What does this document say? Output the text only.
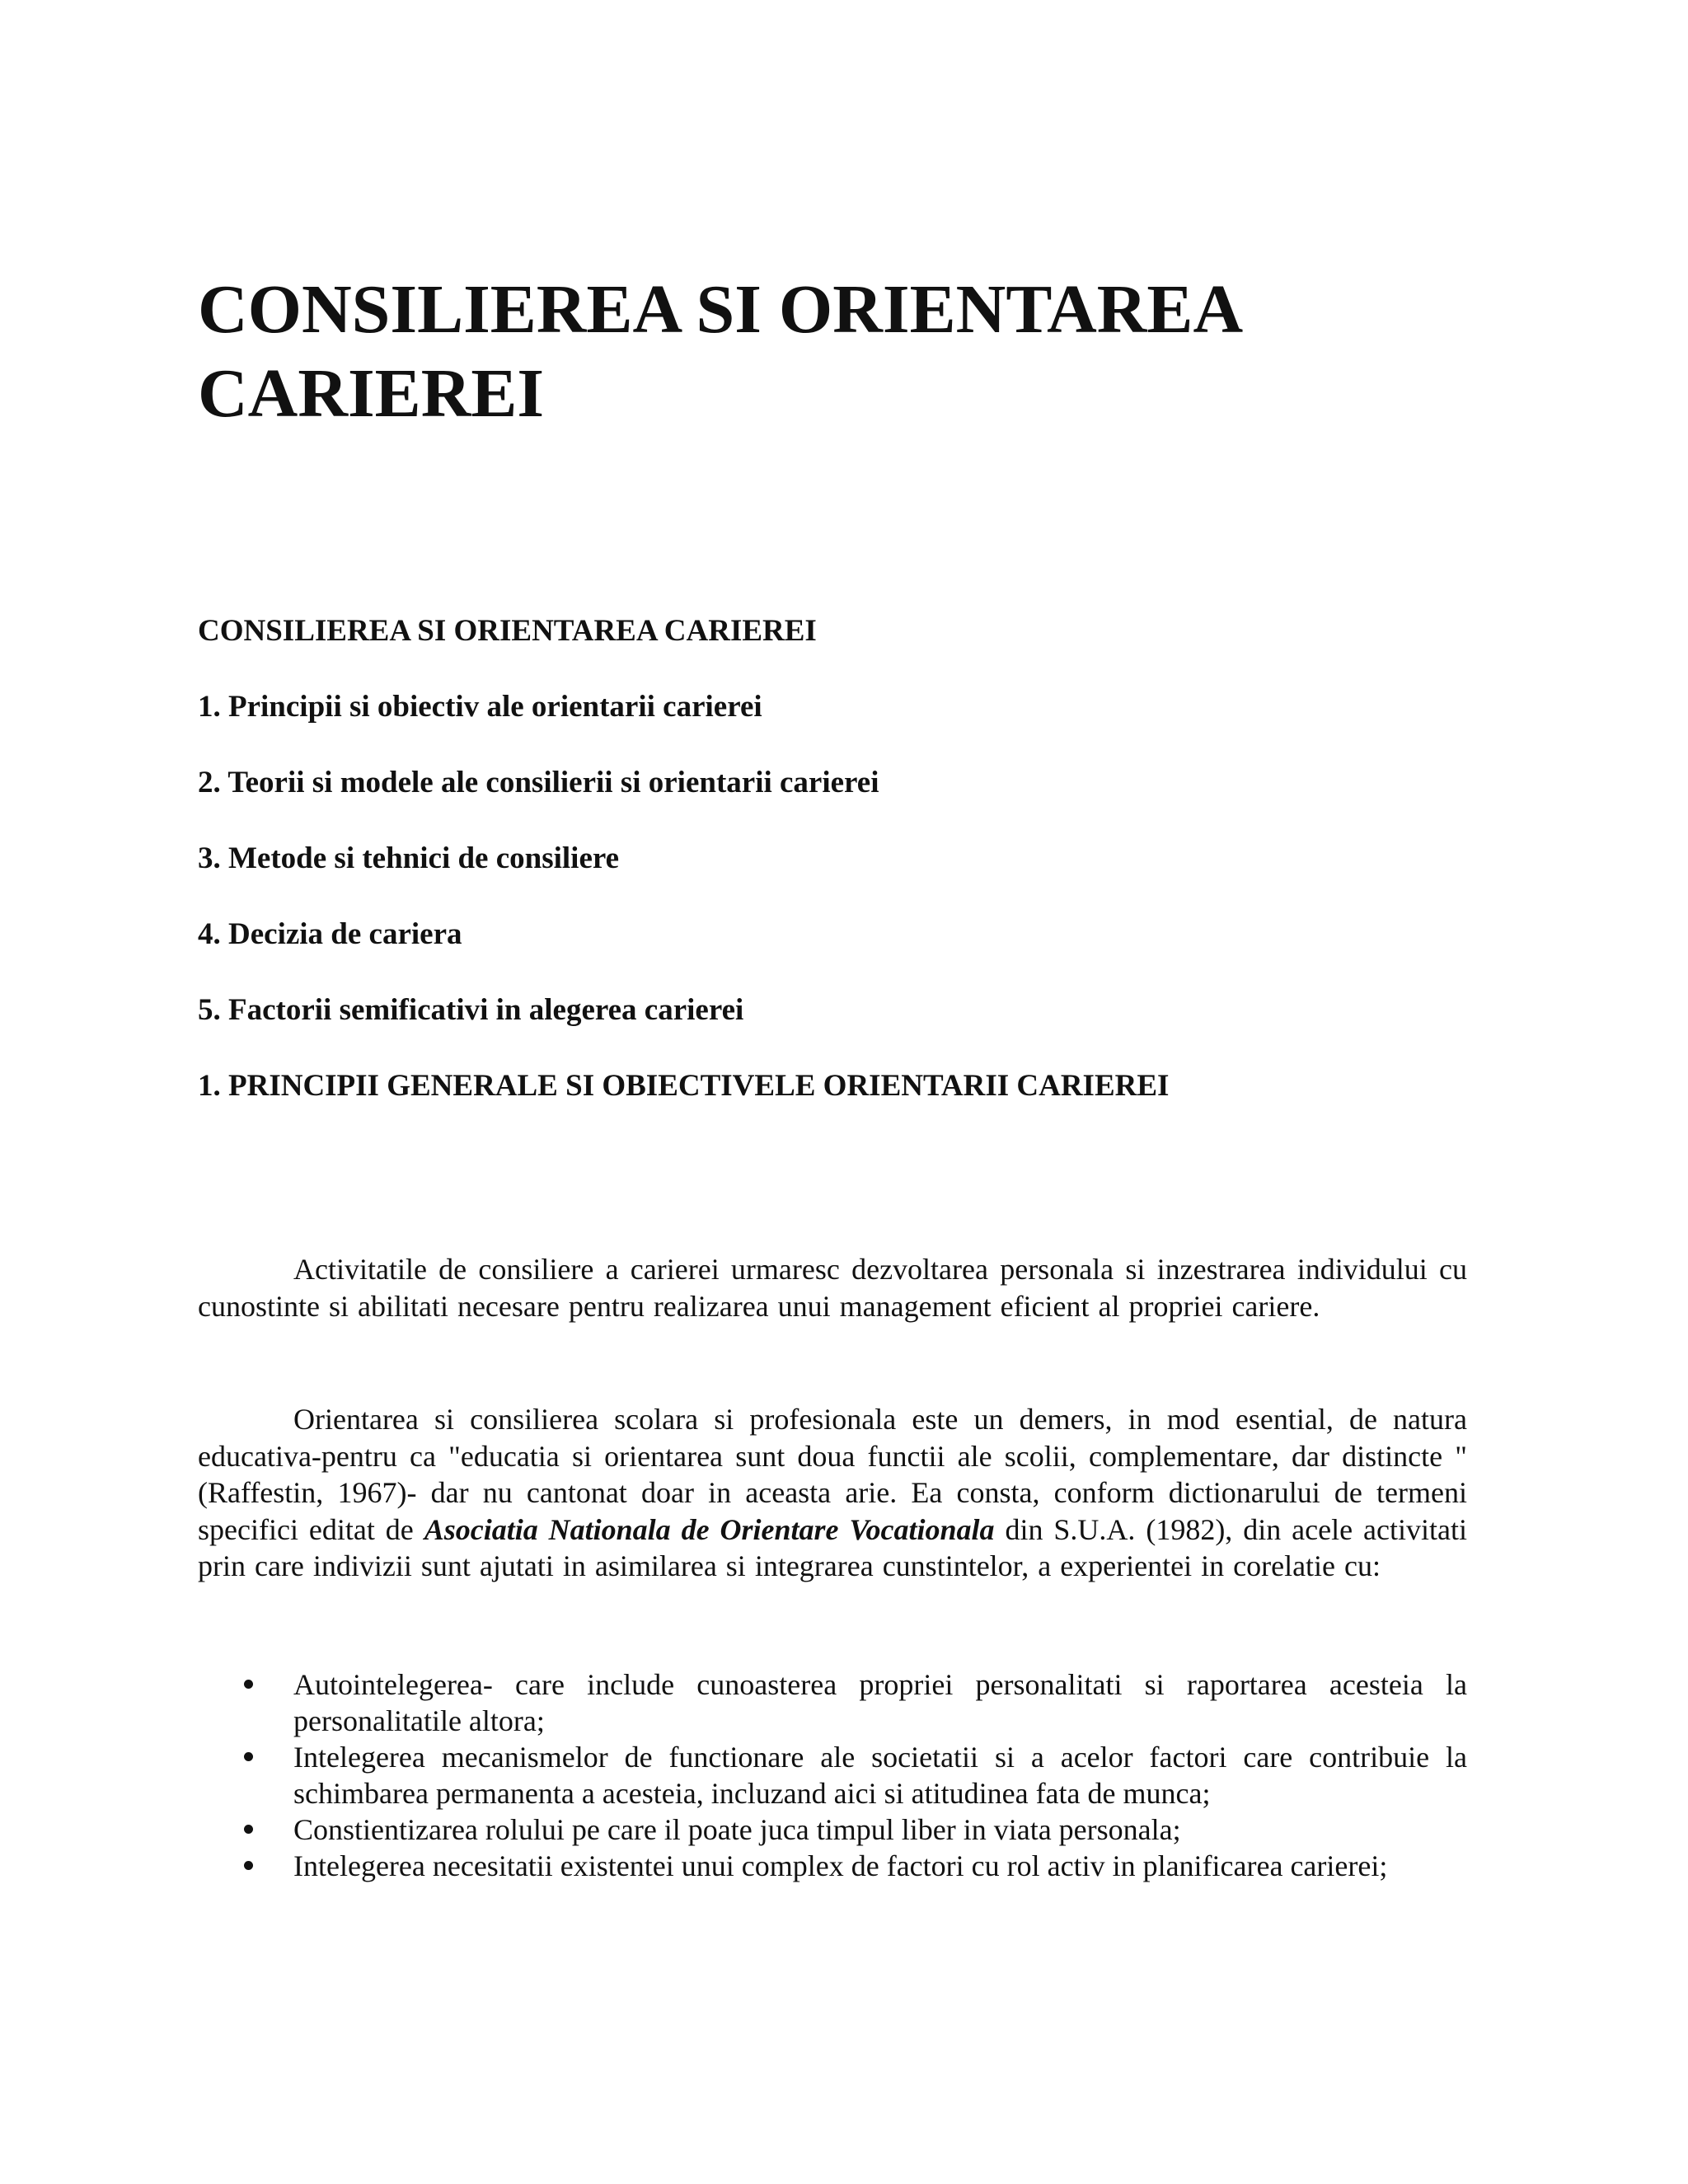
CONSILIEREA SI ORIENTAREA CARIEREI

CONSILIEREA SI ORIENTAREA CARIEREI

1. Principii si obiectiv ale orientarii carierei

2. Teorii si modele ale consilierii si orientarii carierei

3. Metode si tehnici de consiliere

4. Decizia de cariera

5. Factorii semificativi in alegerea carierei

1. PRINCIPII GENERALE SI OBIECTIVELE ORIENTARII CARIEREI

Activitatile de consiliere a carierei urmaresc dezvoltarea personala si inzestrarea individului cu cunostinte si abilitati necesare pentru realizarea unui management eficient al propriei cariere.

Orientarea si consilierea scolara si profesionala este un demers, in mod esential, de natura educativa-pentru ca "educatia si orientarea sunt doua functii ale scolii, complementare, dar distincte " (Raffestin, 1967)- dar nu cantonat doar in aceasta arie. Ea consta, conform dictionarului de termeni specifici editat de Asociatia Nationala de Orientare Vocationala din S.U.A. (1982), din acele activitati prin care indivizii sunt ajutati in asimilarea si integrarea cunstintelor, a experientei in corelatie cu:

Autointelegerea- care include cunoasterea propriei personalitati si raportarea acesteia la personalitatile altora;
Intelegerea mecanismelor de functionare ale societatii si a acelor factori care contribuie la schimbarea permanenta a acesteia, incluzand aici si atitudinea fata de munca;
Constientizarea rolului pe care il poate juca timpul liber in viata personala;
Intelegerea necesitatii existentei unui complex de factori cu rol activ in planificarea carierei;
